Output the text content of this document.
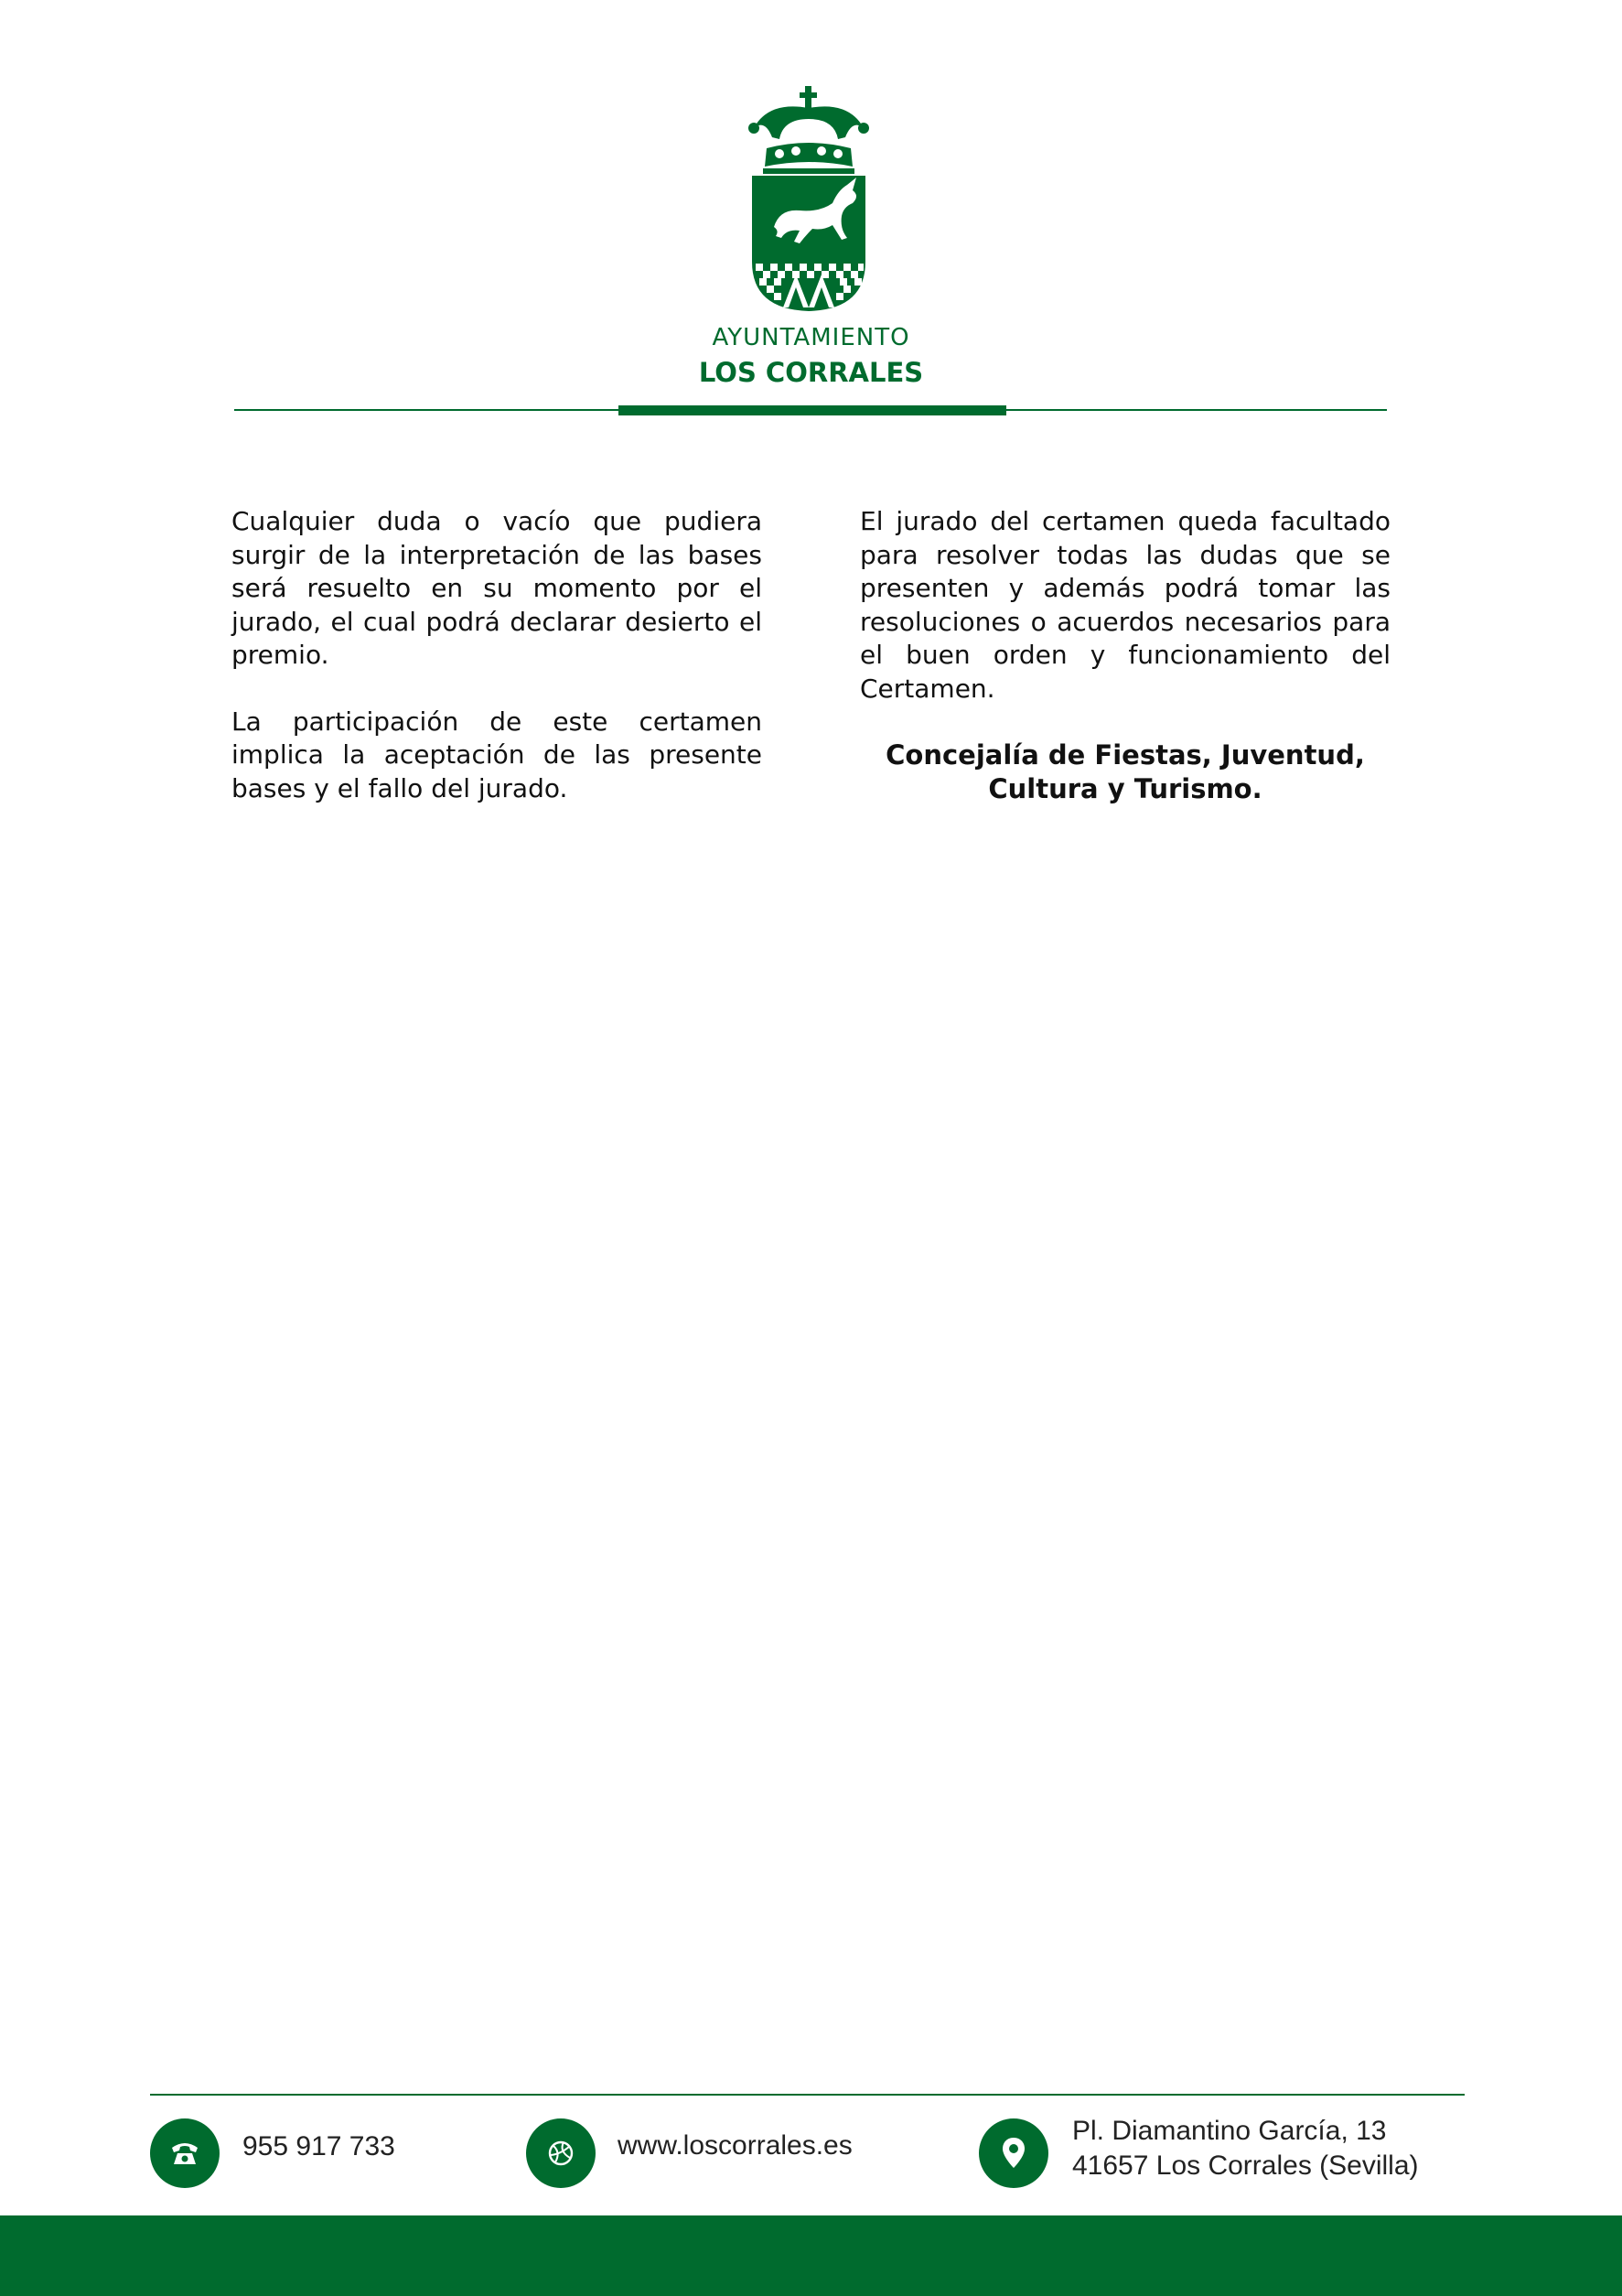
AYUNTAMIENTO
LOS CORRALES

Cualquier duda o vacío que pudiera surgir de la interpretación de las bases será resuelto en su momento por el jurado, el cual podrá declarar desierto el premio.

La participación de este certamen implica la aceptación de las presente bases y el fallo del jurado.

El jurado del certamen queda facultado para resolver todas las dudas que se presenten y además podrá tomar las resoluciones o acuerdos necesarios para el buen orden y funcionamiento del Certamen.

Concejalía de Fiestas, Juventud,
Cultura y Turismo.

955 917 733	www.loscorrales.es	Pl. Diamantino García, 13
41657 Los Corrales (Sevilla)
